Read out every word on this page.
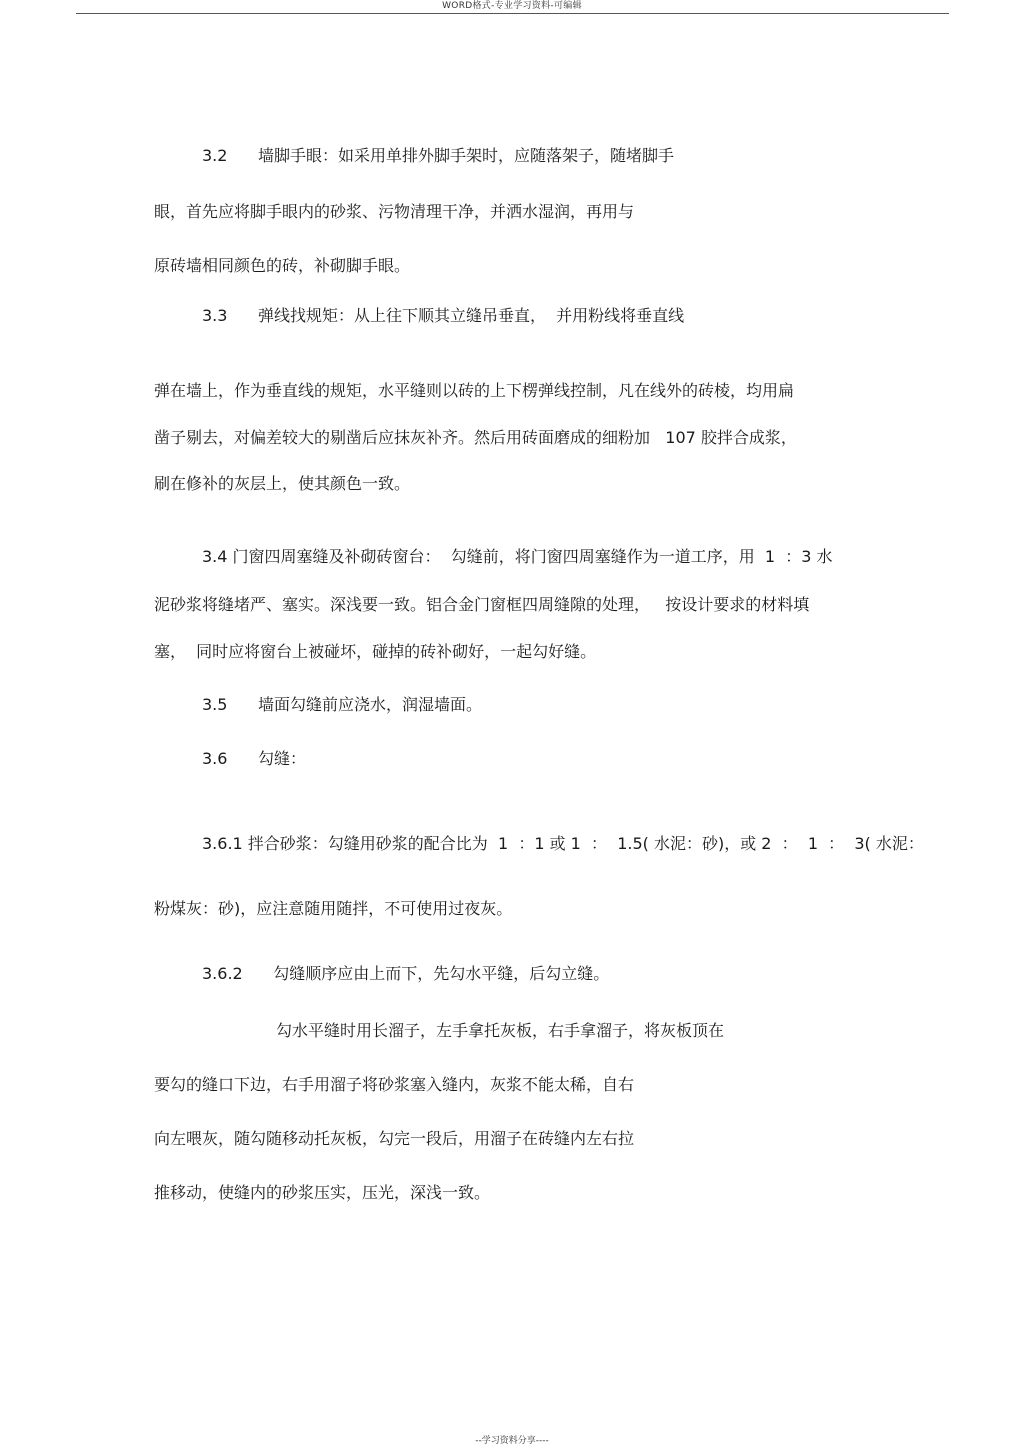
WORD格式-专业学习资料-可编辑
3.2 墙脚手眼：如采用单排外脚手架时，应随落架子，随堵脚手
眼，首先应将脚手眼内的砂浆、污物清理干净，并洒水湿润，再用与
原砖墙相同颜色的砖，补砌脚手眼。
3.3 弹线找规矩：从上往下顺其立缝吊垂直，  并用粉线将垂直线
弹在墙上，作为垂直线的规矩，水平缝则以砖的上下楞弹线控制，凡在线外的砖棱，均用扁
凿子剔去，对偏差较大的剔凿后应抹灰补齐。然后用砖面磨成的细粉加   107 胶拌合成浆，
刷在修补的灰层上，使其颜色一致。
3.4 门窗四周塞缝及补砌砖窗台：  勾缝前，将门窗四周塞缝作为一道工序，用  1  ：3 水
泥砂浆将缝堵严、塞实。深浅要一致。铝合金门窗框四周缝隙的处理，   按设计要求的材料填
塞，  同时应将窗台上被碰坏，碰掉的砖补砌好，一起勾好缝。
3.5 墙面勾缝前应浇水，润湿墙面。
3.6 勾缝：
3.6.1 拌合砂浆：勾缝用砂浆的配合比为  1  ：1 或 1  ：  1.5( 水泥：砂)，或 2  ：  1  ：  3( 水泥：
粉煤灰：砂)，应注意随用随拌，不可使用过夜灰。
3.6.2 勾缝顺序应由上而下，先勾水平缝，后勾立缝。
勾水平缝时用长溜子，左手拿托灰板，右手拿溜子，将灰板顶在
要勾的缝口下边，右手用溜子将砂浆塞入缝内，灰浆不能太稀，自右
向左喂灰，随勾随移动托灰板，勾完一段后，用溜子在砖缝内左右拉
推移动，使缝内的砂浆压实，压光，深浅一致。
--学习资料分享----
